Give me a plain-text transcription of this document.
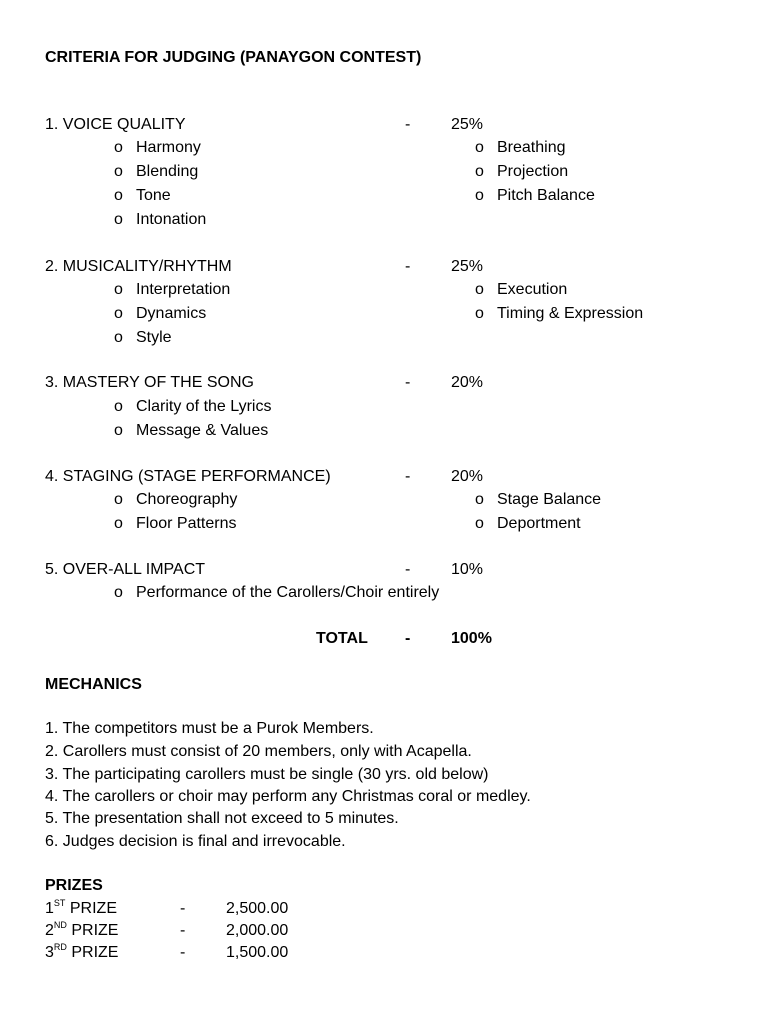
CRITERIA FOR JUDGING (PANAYGON CONTEST)
1. VOICE QUALITY	-	25%
o Harmony
o Blending
o Tone
o Intonation
o Breathing
o Projection
o Pitch Balance
2. MUSICALITY/RHYTHM	-	25%
o Interpretation
o Dynamics
o Style
o Execution
o Timing & Expression
3. MASTERY OF THE SONG	-	20%
o Clarity of the Lyrics
o Message & Values
4. STAGING (STAGE PERFORMANCE)	-	20%
o Choreography
o Floor Patterns
o Stage Balance
o Deportment
5. OVER-ALL IMPACT	-	10%
o Performance of the Carollers/Choir entirely
TOTAL -	100%
MECHANICS
1. The competitors must be a Purok Members.
2. Carollers must consist of 20 members, only with Acapella.
3. The participating carollers must be single (30 yrs. old below)
4. The carollers or choir may perform any Christmas coral or medley.
5. The presentation shall not exceed to 5 minutes.
6. Judges decision is final and irrevocable.
PRIZES
1ST PRIZE	-	2,500.00
2ND PRIZE	-	2,000.00
3RD PRIZE	-	1,500.00
